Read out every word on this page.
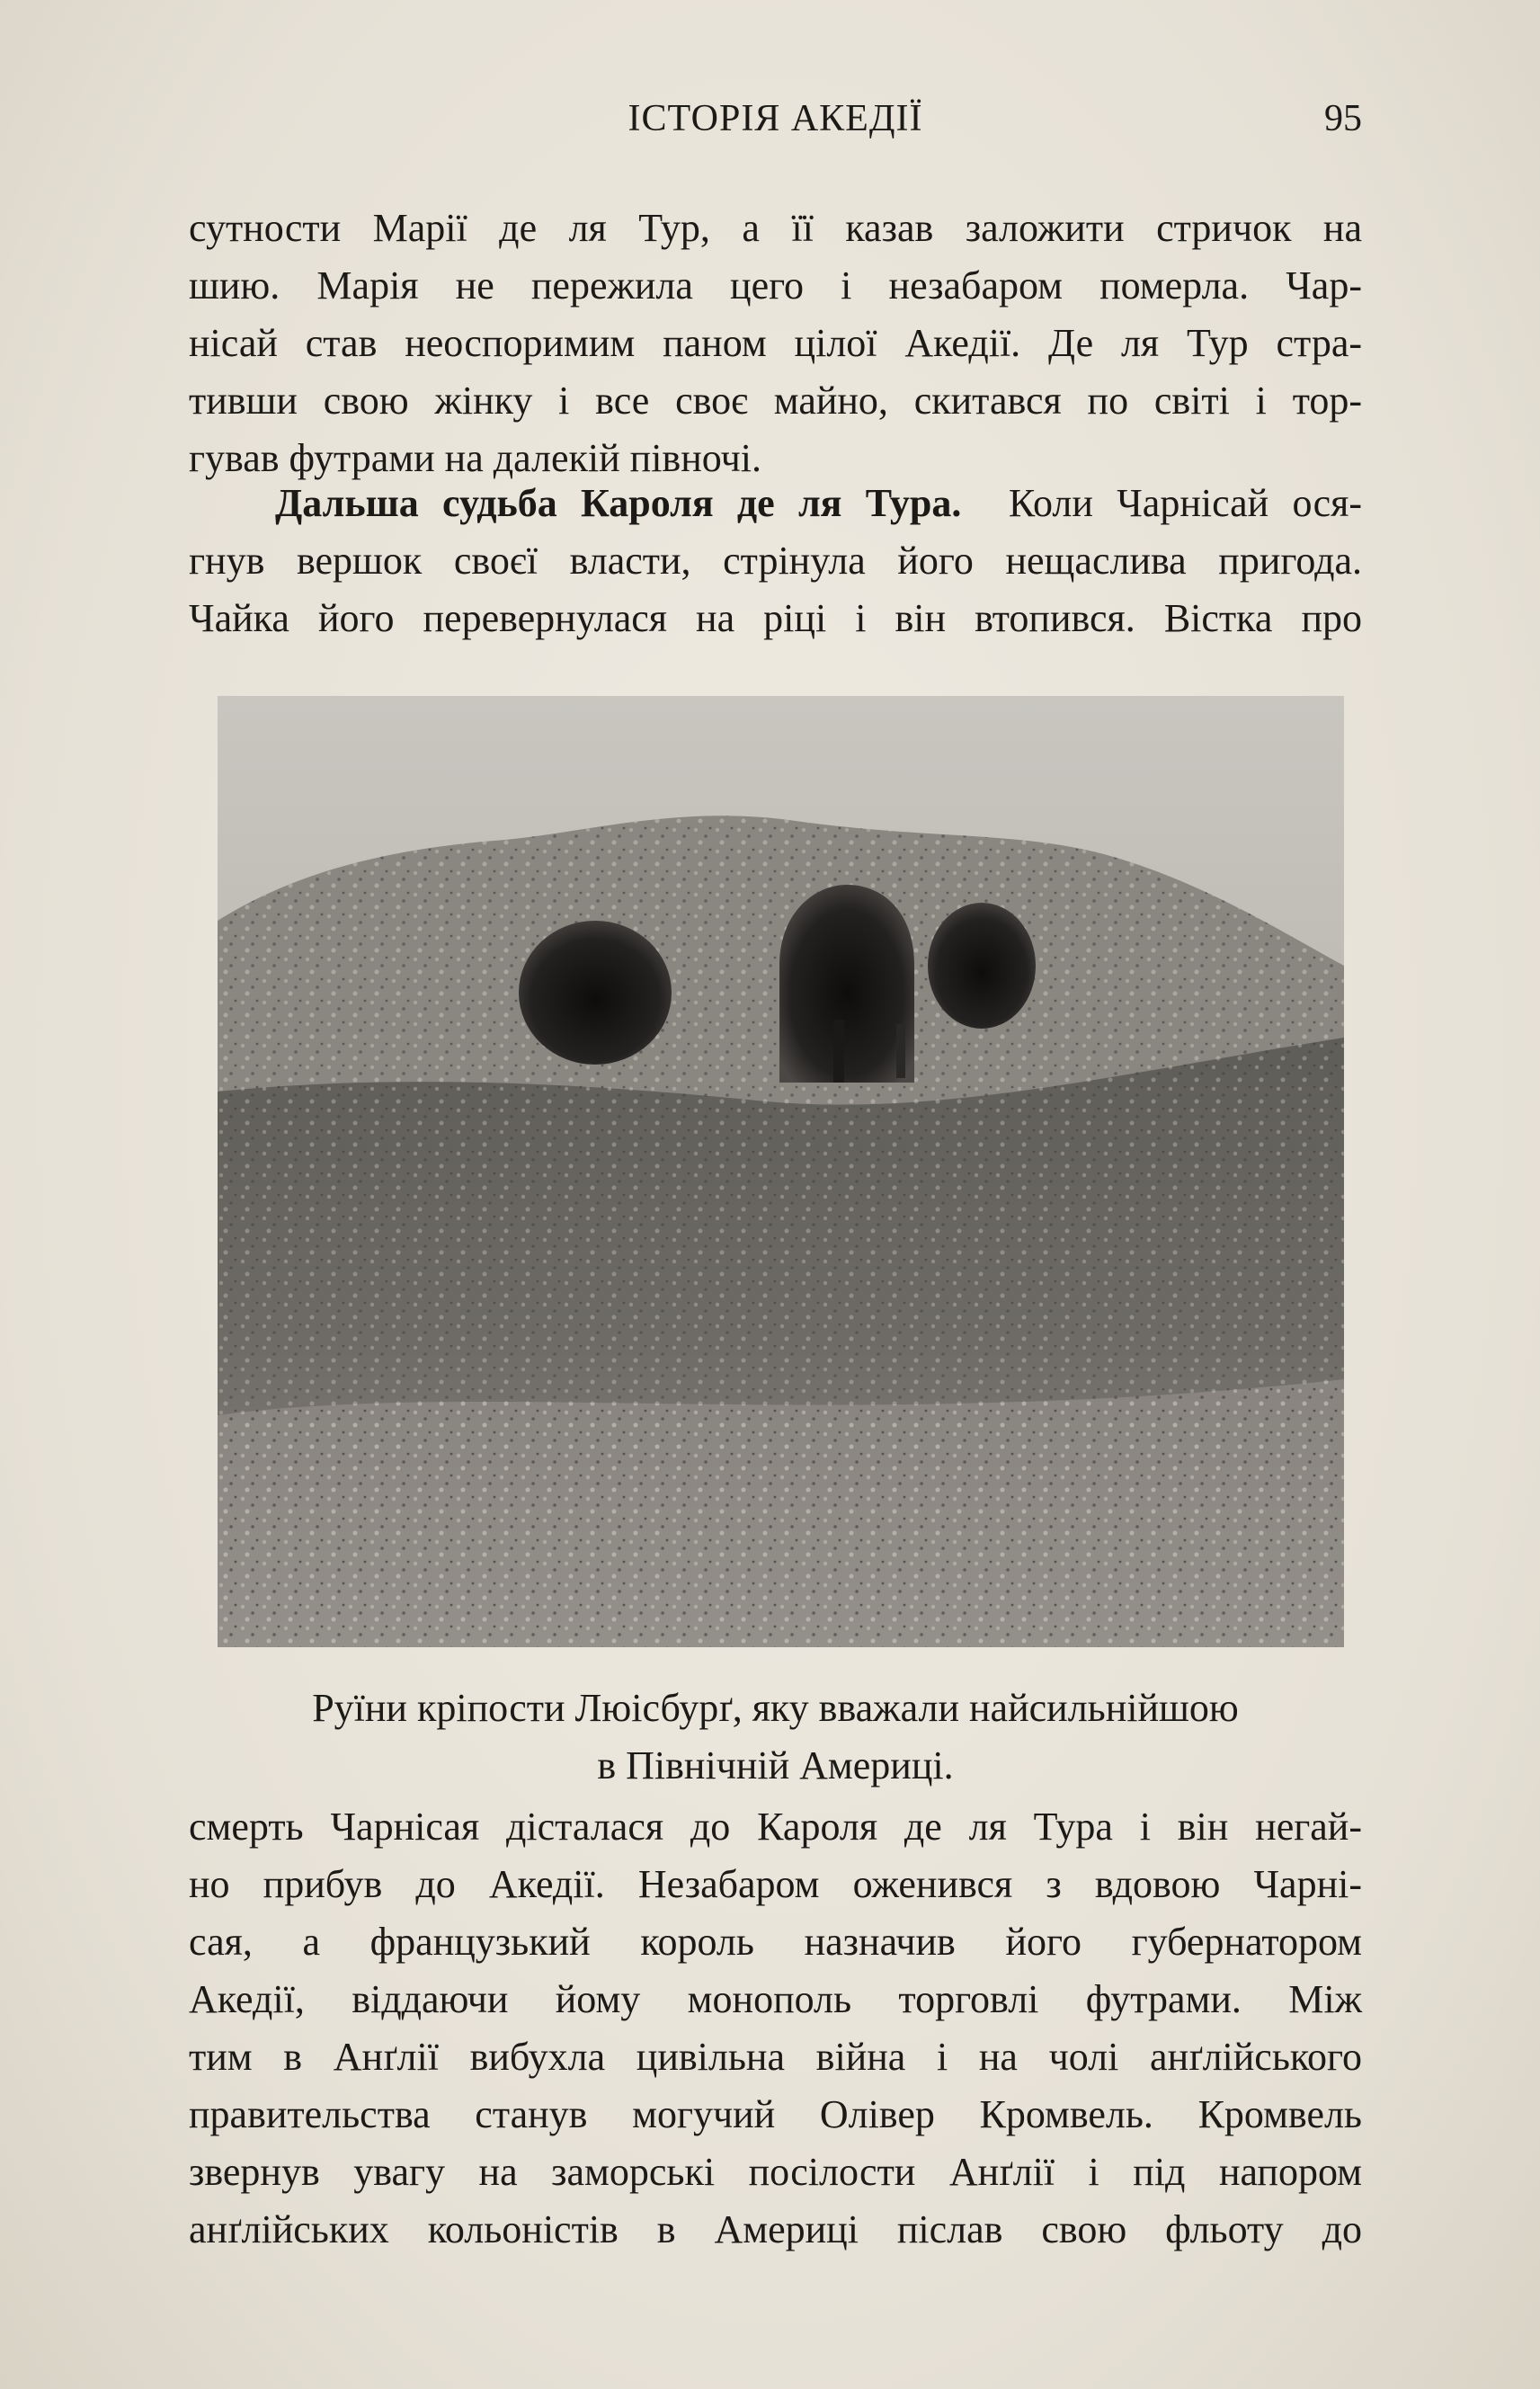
ІСТОРІЯ АКЕДІЇ	95
сутности Марії де ля Тур, а її казав заложити стричок на
шию. Марія не пережила цего і незабаром померла. Чар-
нісай став неоспоримим паном цілої Акедії. Де ля Тур стра-
тивши свою жінку і все своє майно, скитався по світі і тор-
гував футрами на далекій півночі.
Дальша судьба Кароля де ля Тура. Коли Чарнісай ося-
гнув вершок своєї власти, стрінула його нещаслива пригода.
Чайка його перевернулася на ріці і він втопився. Вістка про
Руїни кріпости Люісбурґ, яку вважали найсильнійшою
в Північній Америці.
смерть Чарнісая дісталася до Кароля де ля Тура і він негай-
но прибув до Акедії. Незабаром оженився з вдовою Чарні-
сая, а французький король назначив його губернатором
Акедії, віддаючи йому монополь торговлі футрами. Між
тим в Анґлії вибухла цивільна війна і на чолі анґлійського
правительства станув могучий Олівер Кромвель. Кромвель
звернув увагу на заморські посілости Анґлії і під напором
анґлійських кольоністів в Америці післав свою фльоту до
